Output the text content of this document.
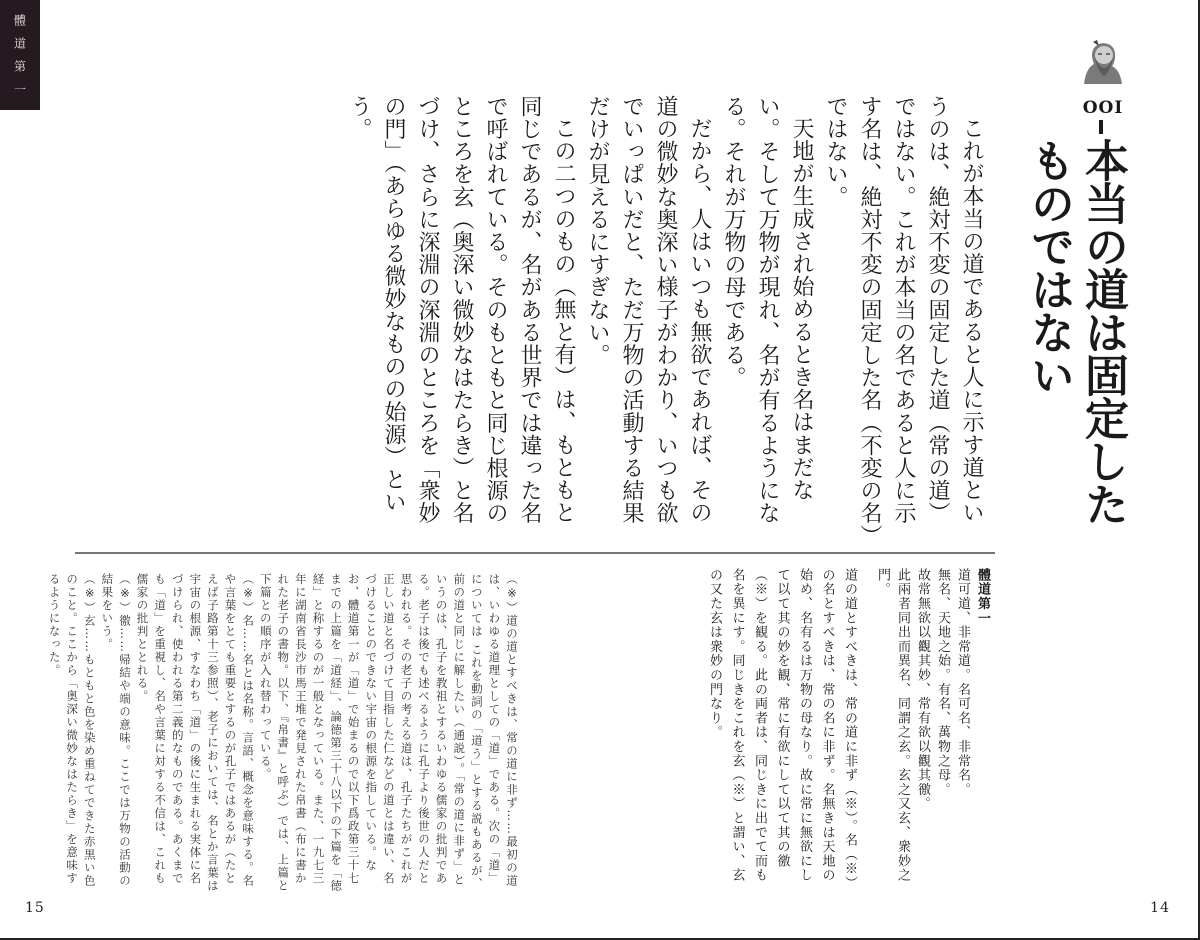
體道第一
OOI
本当の道は固定したものではない

これが本当の道であると人に示す道というのは、絶対不変の固定した道（常の道）ではない。これが本当の名であると人に示す名は、絶対不変の固定した名（不変の名）ではない。

天地が生成され始めるとき名はまだない。そして万物が現れ、名が有るようになる。それが万物の母である。

だから、人はいつも無欲であれば、その道の微妙な奥深い様子がわかり、いつも欲でいっぱいだと、ただ万物の活動する結果だけが見えるにすぎない。

この二つのもの（無と有）は、もともと同じであるが、名がある世界では違った名で呼ばれている。そのもともと同じ根源のところを玄（奥深い微妙なはたらき）と名づけ、さらに深淵の深淵のところを「衆妙の門」（あらゆる微妙なものの始源）という。

體道第一

道可道、非常道。名可名、非常名。

無名、天地之始。有名、萬物之母。

故常無欲以觀其妙、常有欲以觀其徼。

此兩者同出而異名、同謂之玄。玄之又玄、衆妙之門。

道の道とすべきは、常の道に非ず（※）。名（※）の名とすべきは、常の名に非ず。名無きは天地の始め、名有るは万物の母なり。故に常に無欲にして以て其の妙を観、常に有欲にして以て其の徼（※）を観る。此の両者は、同じきに出でて而も名を異にす。同じきをこれを玄（※）と謂い、玄の又た玄は衆妙の門なり。

（※）道の道とすべきは、常の道に非ず……最初の道は、いわゆる道理としての「道」である。次の「道」については これを動詞の「道う」とする説もあるが、前の道と同じに解したい（通説）。「常の道に非ず」というのは、孔子を教祖とするいわゆる儒家の批判である。老子は後でも述べるように孔子より後世の人だと思われる。その老子の考える道は、孔子たちがこれが正しい道と名づけて目指した仁などの道とは違い、名づけることのできない宇宙の根源を指している。なお、體道第一が「道」で始まるので以下爲政第三十七までの上篇を「道経」、論徳第三十八以下の下篇を「徳経」と称するのが一般となっている。また、一九七三年に湖南省長沙市馬王堆で発見された帛書（布に書かれた老子の書物。以下、『帛書』と呼ぶ）では、上篇と下篇との順序が入れ替わっている。

（※）名……名とは名称。言語、概念を意味する。名や言葉をとても重要とするのが孔子ではあるが（たとえば子路第十三参照）、老子においては、名とか言葉は宇宙の根源、すなわち「道」の後に生まれる実体に名づけられ、使われる第二義的なものである。あくまでも「道」を重視し、名や言葉に対する不信は、これも儒家の批判ととれる。

（※）徼……帰結や端の意味。ここでは万物の活動の結果をいう。

（※）玄……もともと色を染め重ねてできた赤黒い色のこと。ここから「奥深い微妙なはたらき」を意味するようになった。

15	14
